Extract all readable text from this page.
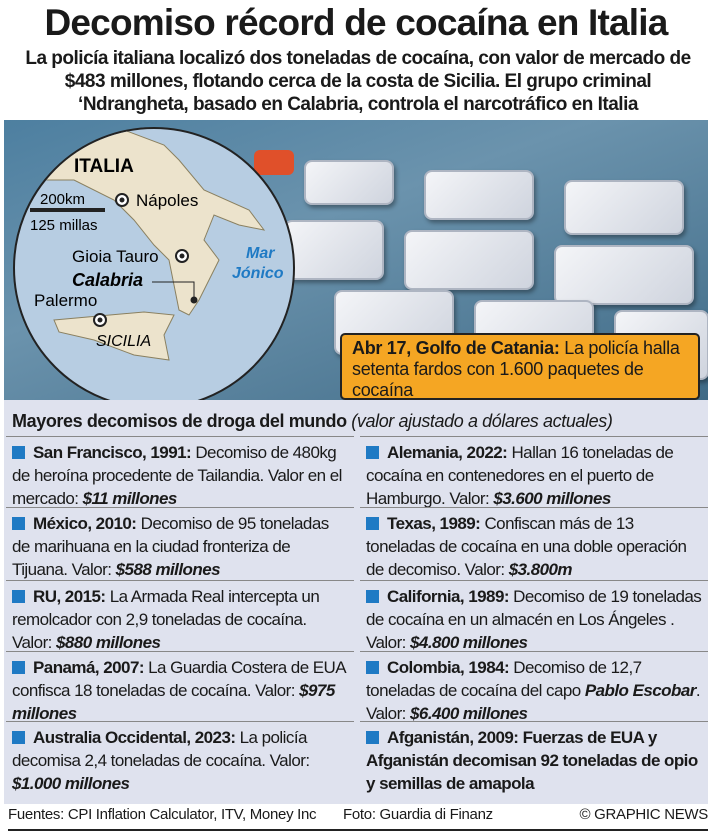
Decomiso récord de cocaína en Italia
La policía italiana localizó dos toneladas de cocaína, con valor de mercado de $483 millones, flotando cerca de la costa de Sicilia. El grupo criminal ‘Ndrangheta, basado en Calabria, controla el narcotráfico en Italia
ITALIA
200km
125 millas
Nápoles
Gioia Tauro
Calabria
Palermo
SICILIA
Mar
Jónico
Abr 17, Golfo de Catania: La policía halla setenta fardos con 1.600 paquetes de cocaína
Mayores decomisos de droga del mundo (valor ajustado a dólares actuales)
San Francisco, 1991: Decomiso de 480kg de heroína procedente de Tailandia. Valor en el mercado: $11 millones
Alemania, 2022: Hallan 16 toneladas de cocaína en contenedores en el puerto de Hamburgo. Valor: $3.600 millones
México, 2010: Decomiso de 95 toneladas de marihuana en la ciudad fronteriza de Tijuana. Valor: $588 millones
Texas, 1989: Confiscan más de 13 toneladas de cocaína en una doble operación de decomiso. Valor: $3.800m
RU, 2015: La Armada Real intercepta un remolcador con 2,9 toneladas de cocaína. Valor: $880 millones
California, 1989: Decomiso de 19 toneladas de cocaína en un almacén en Los Ángeles . Valor: $4.800 millones
Panamá, 2007: La Guardia Costera de EUA confisca 18 toneladas de cocaína. Valor: $975 millones
Colombia, 1984: Decomiso de 12,7 toneladas de cocaína del capo Pablo Escobar. Valor: $6.400 millones
Australia Occidental, 2023: La policía decomisa 2,4 toneladas de cocaína. Valor: $1.000 millones
Afganistán, 2009: Fuerzas de EUA y Afganistán decomisan 92 toneladas de opio y semillas de amapola
Fuentes: CPI Inflation Calculator, ITV, Money Inc	Foto: Guardia di Finanz	© GRAPHIC NEWS
